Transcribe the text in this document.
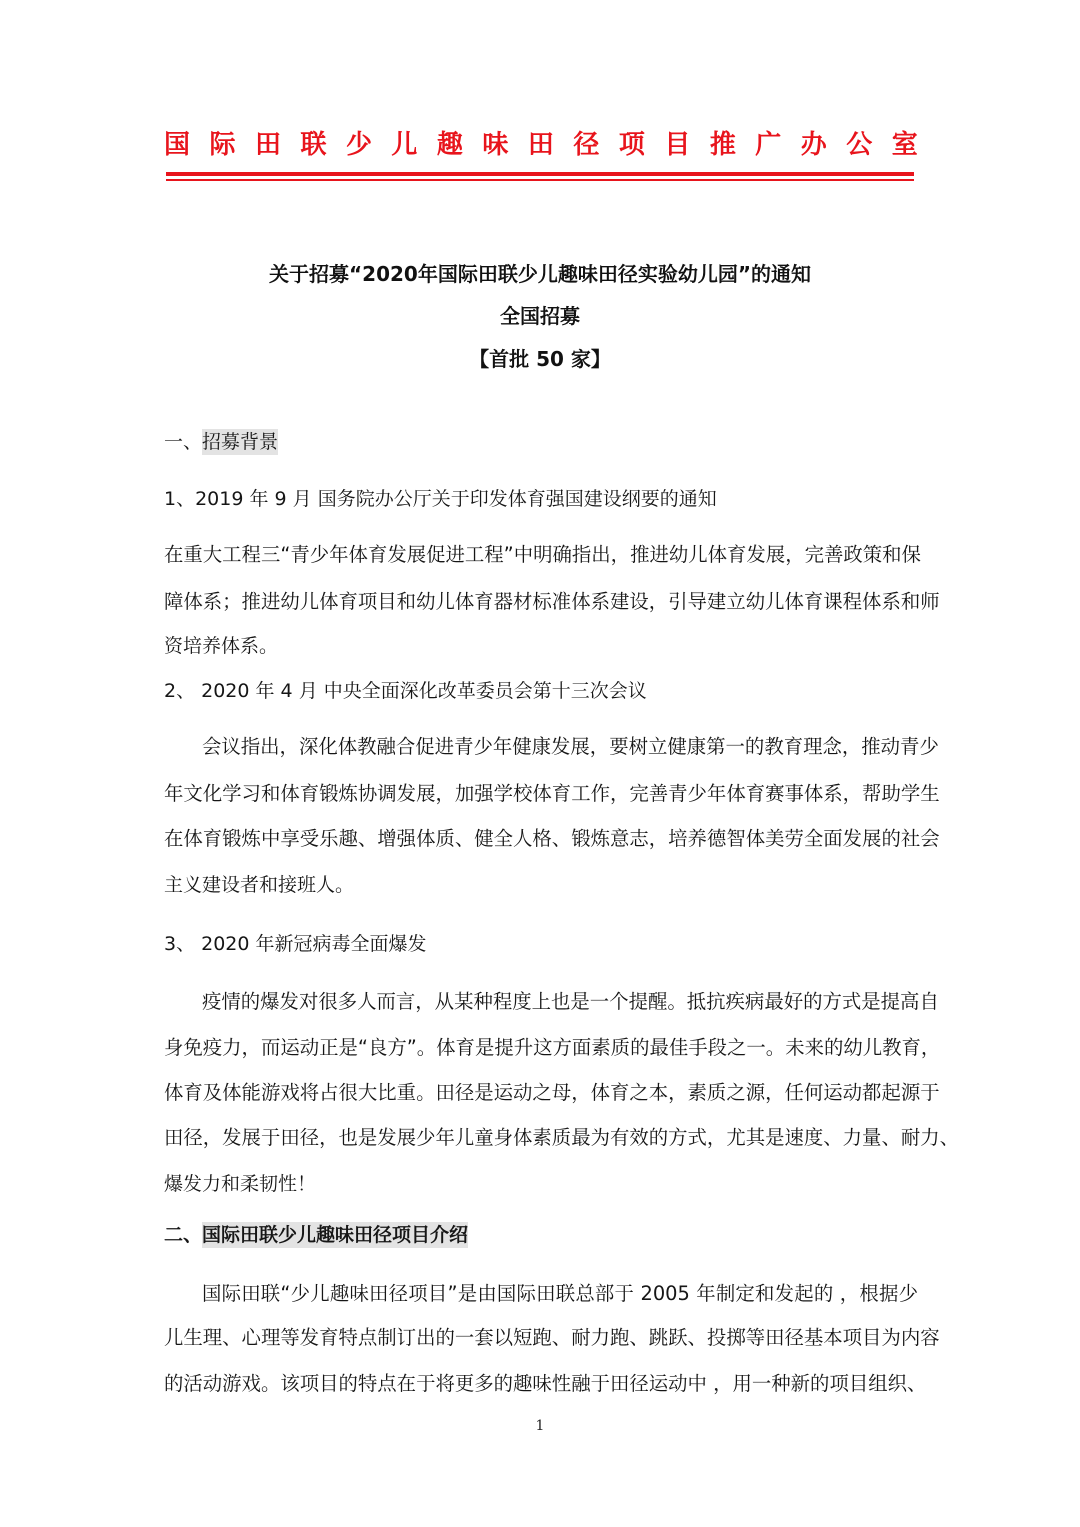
国 际 田 联 少 儿 趣 味 田 径 项 目 推 广 办 公 室
关于招募“2020年国际田联少儿趣味田径实验幼儿园”的通知
全国招募
【首批 50 家】
一、招募背景
1、2019 年 9 月 国务院办公厅关于印发体育强国建设纲要的通知
在重大工程三“青少年体育发展促进工程”中明确指出，推进幼儿体育发展，完善政策和保
障体系；推进幼儿体育项目和幼儿体育器材标准体系建设，引导建立幼儿体育课程体系和师
资培养体系。
2、 2020 年 4 月 中央全面深化改革委员会第十三次会议
会议指出，深化体教融合促进青少年健康发展，要树立健康第一的教育理念，推动青少
年文化学习和体育锻炼协调发展，加强学校体育工作，完善青少年体育赛事体系，帮助学生
在体育锻炼中享受乐趣、增强体质、健全人格、锻炼意志，培养德智体美劳全面发展的社会
主义建设者和接班人。
3、 2020 年新冠病毒全面爆发
疫情的爆发对很多人而言，从某种程度上也是一个提醒。抵抗疾病最好的方式是提高自
身免疫力，而运动正是“良方”。体育是提升这方面素质的最佳手段之一。未来的幼儿教育，
体育及体能游戏将占很大比重。田径是运动之母，体育之本，素质之源，任何运动都起源于
田径，发展于田径，也是发展少年儿童身体素质最为有效的方式，尤其是速度、力量、耐力、
爆发力和柔韧性！
二、国际田联少儿趣味田径项目介绍
国际田联“少儿趣味田径项目”是由国际田联总部于 2005 年制定和发起的 ，根据少
儿生理、心理等发育特点制订出的一套以短跑、耐力跑、跳跃、投掷等田径基本项目为内容
的活动游戏。该项目的特点在于将更多的趣味性融于田径运动中 ，用一种新的项目组织、
1
